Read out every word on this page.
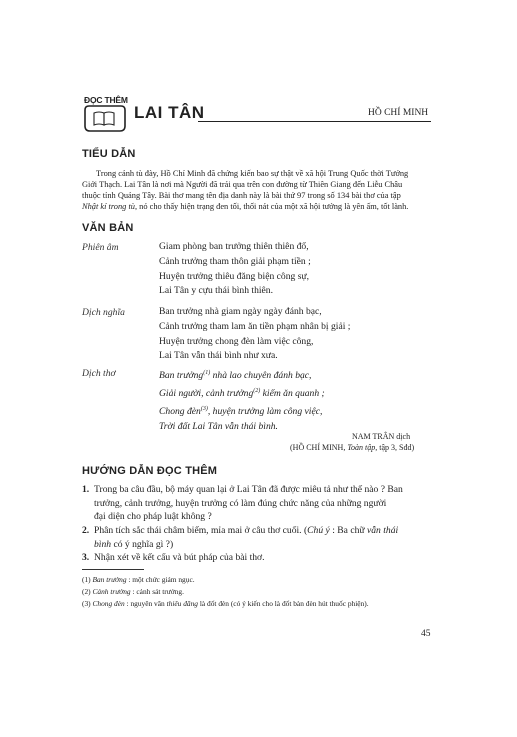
ĐỌC THÊM
LAI TÂN	HỒ CHÍ MINH
TIỂU DẪN
Trong cảnh tù đày, Hồ Chí Minh đã chứng kiến bao sự thật về xã hội Trung Quốc thời Tưởng
Giới Thạch. Lai Tân là nơi mà Người đã trải qua trên con đường từ Thiên Giang đến Liễu Châu
thuộc tỉnh Quảng Tây. Bài thơ mang tên địa danh này là bài thứ 97 trong số 134 bài thơ của tập
Nhật kí trong tù, nó cho thấy hiện trạng đen tối, thối nát của một xã hội tưởng là yên ấm, tốt lành.
VĂN BẢN
Phiên âm	Giam phòng ban trưởng thiên thiên đổ,
Cảnh trưởng tham thôn giải phạm tiền ;
Huyện trưởng thiêu đăng biện công sự,
Lai Tân y cựu thái bình thiên.
Dịch nghĩa	Ban trưởng nhà giam ngày ngày đánh bạc,
Cảnh trưởng tham lam ăn tiền phạm nhân bị giải ;
Huyện trưởng chong đèn làm việc công,
Lai Tân vẫn thái bình như xưa.
Dịch thơ	Ban trưởng$^{(1)}$ nhà lao chuyên đánh bạc,
Giải người, cảnh trưởng$^{(2)}$ kiếm ăn quanh ;
Chong đèn$^{(3)}$, huyện trưởng làm công việc,
Trời đất Lai Tân vẫn thái bình.
NAM TRÂN dịch
(HỒ CHÍ MINH, Toàn tập, tập 3, Sđd)
HƯỚNG DẪN ĐỌC THÊM
1. Trong ba câu đầu, bộ máy quan lại ở Lai Tân đã được miêu tả như thế nào ? Ban
trưởng, cảnh trưởng, huyện trưởng có làm đúng chức năng của những người
đại diện cho pháp luật không ?
2. Phân tích sắc thái châm biếm, mỉa mai ở câu thơ cuối. (Chú ý : Ba chữ vẫn thái
bình có ý nghĩa gì ?)
3. Nhận xét về kết cấu và bút pháp của bài thơ.
(1) Ban trưởng : một chức giám ngục.
(2) Cảnh trưởng : cảnh sát trưởng.
(3) Chong đèn : nguyên văn thiêu đăng là đốt đèn (có ý kiến cho là đốt bàn đèn hút thuốc phiện).
45
